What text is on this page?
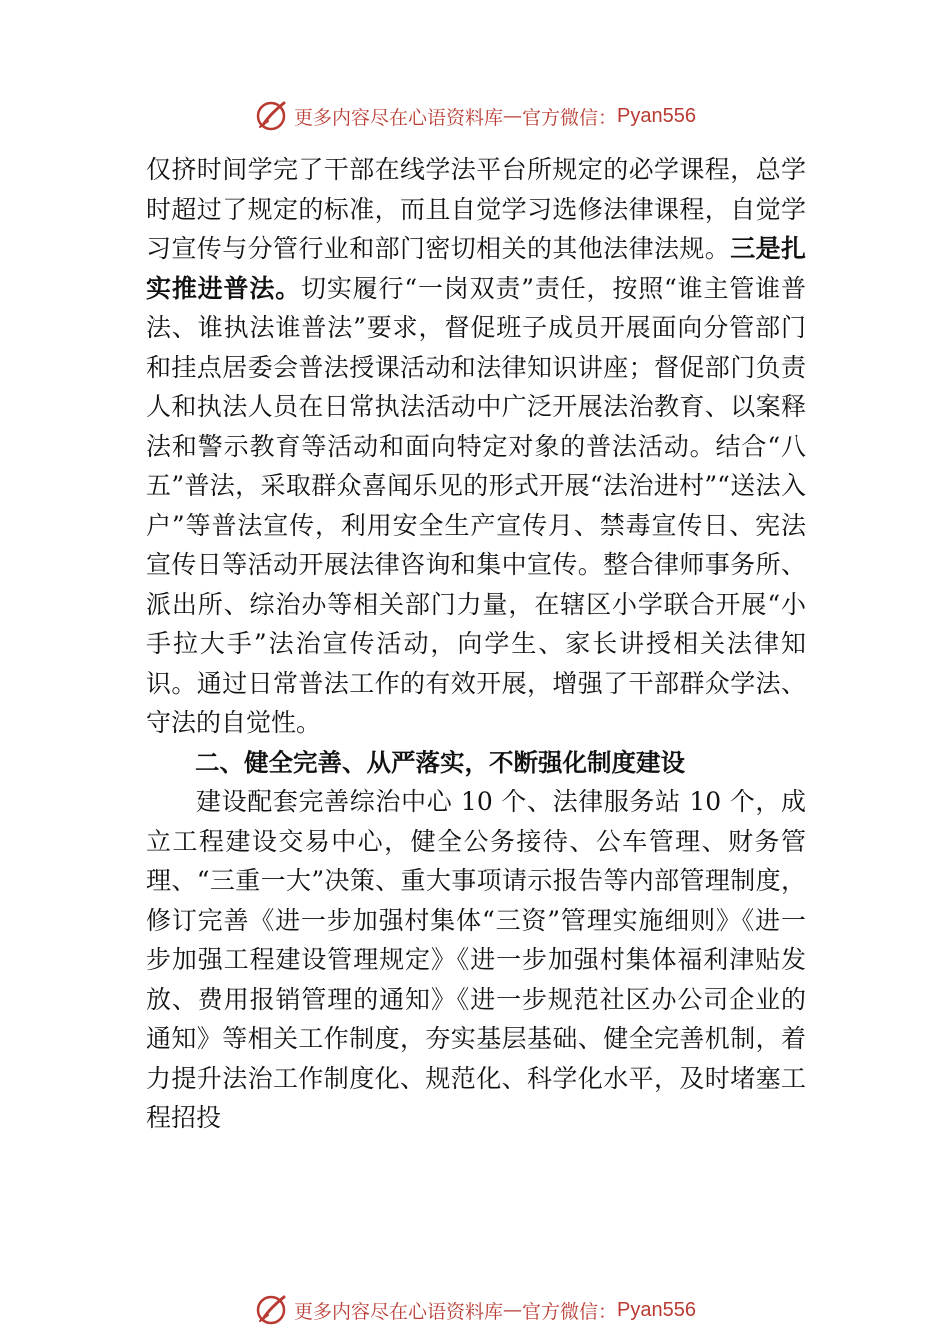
更多内容尽在心语资料库 — 官方微信： Pyan556

仅挤时间学完了干部在线学法平台所规定的必学课程，总学时超过了规定的标准，而且自觉学习选修法律课程，自觉学习宣传与分管行业和部门密切相关的其他法律法规。三是扎实推进普法。切实履行“一岗双责”责任，按照“谁主管谁普法、谁执法谁普法”要求，督促班子成员开展面向分管部门和挂点居委会普法授课活动和法律知识讲座；督促部门负责人和执法人员在日常执法活动中广泛开展法治教育、以案释法和警示教育等活动和面向特定对象的普法活动。结合“八五”普法，采取群众喜闻乐见的形式开展“法治进村”“送法入户”等普法宣传，利用安全生产宣传月、禁毒宣传日、宪法宣传日等活动开展法律咨询和集中宣传。整合律师事务所、派出所、综治办等相关部门力量，在辖区小学联合开展“小手拉大手”法治宣传活动，向学生、家长讲授相关法律知识。通过日常普法工作的有效开展，增强了干部群众学法、守法的自觉性。

二、健全完善、从严落实，不断强化制度建设

建设配套完善综治中心 10 个、法律服务站 10 个，成立工程建设交易中心，健全公务接待、公车管理、财务管理、“三重一大”决策、重大事项请示报告等内部管理制度，修订完善《进一步加强村集体“三资”管理实施细则》《进一步加强工程建设管理规定》《进一步加强村集体福利津贴发放、费用报销管理的通知》《进一步规范社区办公司企业的通知》等相关工作制度，夯实基层基础、健全完善机制，着力提升法治工作制度化、规范化、科学化水平，及时堵塞工程招投

更多内容尽在心语资料库 — 官方微信： Pyan556
